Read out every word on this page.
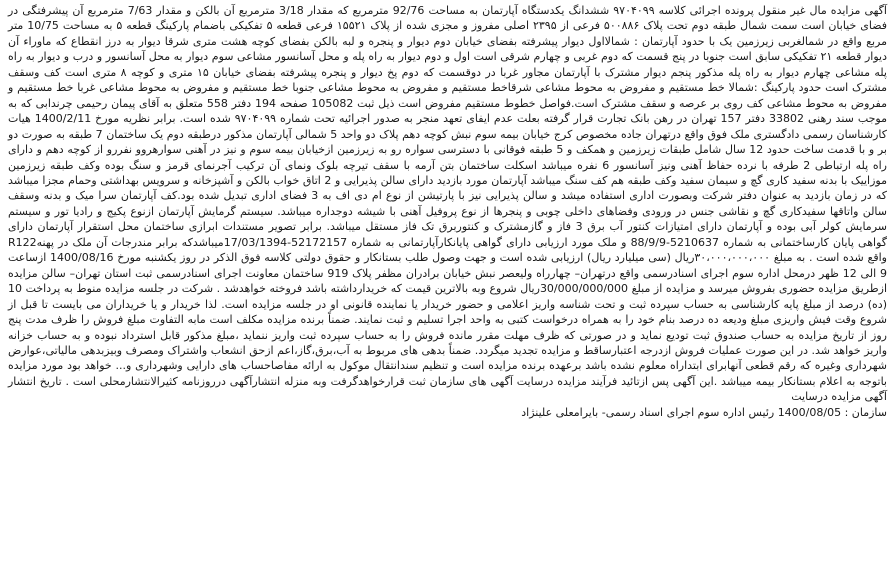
آگهی مزایده مال غیر منقول پرونده اجرائی کلاسه ۹۷۰۴۰۹۹ ششدانگ یکدستگاه آپارتمان به مساحت 92/76 مترمربع که مقدار 3/18 مترمربع آن بالکن و مقدار 7/63 مترمربع آن پیشرفتگی در فضای خیابان است سمت شمال طبقه دوم تحت پلاک ۵۰۰۸۸۶ فرعی از ۲۳۹۵ اصلی مفروز و مجزی شده از پلاک ۱۵۵۲۱ فرعی قطعه ۵ تفکیکی باضمام پارکینگ قطعه ۵ به مساحت 10/75 متر مربع واقع در شمالغربی زیرزمین یک با حدود آپارتمان : شمالااول دیوار پیشرفته بفضای خیابان دوم دیوار و پنجره و لبه بالکن بفضای کوچه هشت متری شرقا دیوار به درز انقطاع که ماوراء آن دیوار قطعه ۲۱ تفکیکی سابق است جنوبا در پنج قسمت که دوم غربی و چهارم شرقی است اول و دوم دیوار به راه پله و محل آسانسور مشاعی سوم دیوار به محل آسانسور و درب و دیوار به راه پله مشاعی چهارم دیوار به راه پله مذکور پنجم دیوار مشترک با آپارتمان مجاور غربا در دوقسمت که دوم پخ دیوار و پنجره پیشرفته بفضای خیابان ۱۵ متری و کوچه ۸ متری است کف وسقف مشترک است حدود پارکینگ :شمالا خط مستقیم و مفروض به محوط مشاعی شرقاخط مستقیم و مفروض به محوط مشاعی جنوبا خط مستقیم و مفروض به محوط مشاعی غربا خط مستقیم و مفروض به محوط مشاعی کف روی بر عرصه و سقف مشترک است.فواصل خطوط مستقیم مفروض است ذیل ثبت 105082 صفحه 194 دفتر 558 متعلق به آقای پیمان رحیمی چرندابی که به موجب سند رهنی 33802 دفتر 157 تهران در رهن بانک تجارت قرار گرفته بعلت عدم ایفای تعهد منجر به صدور اجرائیه تحت شماره ۹۷۰۴۰۹۹ شده است. برابر نظریه مورخ 1400/2/11 هیات کارشناسان رسمی دادگستری ملک فوق واقع درتهران جاده مخصوص کرج خیابان بیمه سوم نبش کوچه دهم پلاک دو واحد 5 شمالی آپارتمان مذکور درطبقه دوم یک ساختمان 7 طبقه به صورت دو بر و با قدمت ساخت حدود 12 سال شامل طبقات زیرزمین و همکف و 5 طبقه فوقانی با دسترسی سواره رو به زیرزمین ازخیابان بیمه سوم و نیز در آهنی سوارهروو نفررو از کوچه دهم و دارای راه پله ارتباطی 2 طرفه با نرده حفاظ آهنی ونیز آسانسور 6 نفره میباشد اسکلت ساختمان بتن آرمه با سقف تیرچه بلوک ونمای آن ترکیب آجرنمای قرمز و سنگ بوده وکف طبقه زیرزمین موزاییک با بدنه سفید کاری گچ و سیمان سفید وکف طبقه هم کف سنگ میباشد آپارتمان مورد بازدید دارای سالن پذیرایی و 2 اتاق خواب بالکن و آشپزخانه و سرویس بهداشتی وحمام مجزا میباشد که در زمان بازدید به عنوان دفتر شرکت وبصورت اداری استفاده میشد و سالن پذیرایی نیز با پارتیشن از نوع ام دی اف به 3 فضای اداری تبدیل شده بود.کف آپارتمان سرا میک و بدنه وسقف سالن واتاقها سفیدکاری گچ و نقاشی جنس در ورودی وفضاهای داخلی چوبی و پنجرها از نوع پروفیل آهنی با شیشه دوجداره میباشد. سیستم گرمایش آپارتمان ازنوع پکیج و رادیا تور و سیستم سرمایش کولر آبی بوده و آپارتمان دارای امتیازات کنتور آب برق 3 فاز و گازمشترک و کنتوربرق تک فاز مستقل میباشد. برابر تصویر مستندات ابرازی ساختمان محل استقرار آپارتمان دارای گواهی پایان کارساختمانی به شماره 5210637-88/9/9 و ملک مورد ارزیابی دارای گواهی پایانکارآپارتمانی به شماره 52172157-17/03/1394میباشدکه برابر مندرجات آن ملک در پهنهR122 واقع شده است . به مبلغ ۳۰،۰۰۰،۰۰۰،۰۰۰ریال (سی میلیارد ریال) ارزیابی شده است و جهت وصول طلب بستانکار و حقوق دولتی کلاسه فوق الذکر در روز یکشنبه مورخ 1400/08/16 ازساعت 9 الی 12 ظهر درمحل اداره سوم اجرای اسنادرسمی واقع درتهران– چهارراه ولیعصر نبش خیابان برادران مظفر پلاک 919 ساختمان معاونت اجرای اسنادرسمی ثبت استان تهران– سالن مزایده ازطریق مزایده حضوری بفروش میرسد و مزایده از مبلغ 30/000/000/000ریال شروع وبه بالاترین قیمت که خریدارداشته باشد فروخته خواهدشد . شرکت در جلسه مزایده منوط به پرداخت 10 (ده) درصد از مبلغ پایه کارشناسی به حساب سپرده ثبت و تحت شناسه واریز اعلامی و حضور خریدار یا نماینده قانونی او در جلسه مزایده است. لذا خریدار و یا خریداران می بایست تا قبل از شروع وقت فیش واریزی مبلغ ودیعه ده درصد بنام خود را به همراه درخواست کتبی به واحد اجرا تسلیم و ثبت نمایند. ضمناً برنده مزایده مکلف است مابه التفاوت مبلغ فروش را ظرف مدت پنج روز از تاریخ مزایده به حساب صندوق ثبت تودیع نماید و در صورتی که ظرف مهلت مقرر مانده فروش را به حساب سپرده ثبت واریز ننماید ،مبلغ مذکور قابل استرداد نبوده و به حساب خزانه واریز خواهد شد. در این صورت عملیات فروش ازدرجه اعتبارساقط و مزایده تجدید میگردد. ضمناً بدهی های مربوط به آب،برق،گاز،اعم ازحق انشعاب واشتراک ومصرف وبیزبدهی مالیاتی،عوارض شهرداری وغیره که رقم قطعی آنهابرای ابتداراه معلوم نشده باشد برعهده برنده مزایده است و تنظیم سندانتقال موکول به ارائه مفاصاحساب های دارایی وشهرداری و... خواهد بود مورد مزایده باتوجه به اعلام بستانکار بیمه میباشد .این آگهی پس ازتائید فرآیند مزایده درسایت آگهی های سازمان ثبت قرارخواهدگرفت وبه منزله انتشارآگهی درروزنامه کثیرالانتشارمحلی است . تاریخ انتشار آگهی مزایده درسایت

سازمان : 1400/08/05 رئیس اداره سوم اجرای اسناد رسمی- بایرامعلی علینژاد
